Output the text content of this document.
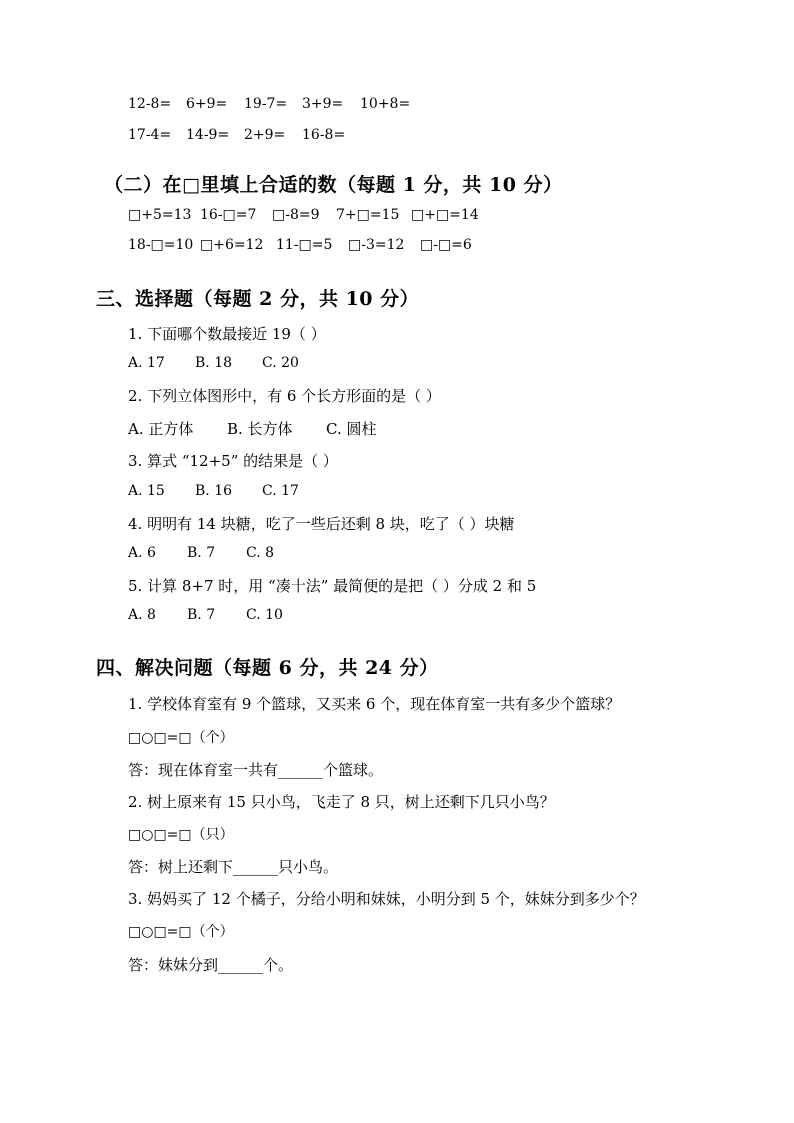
12-8=	6+9=	19-7=	3+9=	10+8=
17-4=	14-9=	2+9=	16-8=
（二）在□里填上合适的数（每题 1 分，共 10 分）
□+5=13 16-□=7	□-8=9	7+□=15 □+□=14
18-□=10 □+6=12 11-□=5	□-3=12	□-□=6
三、选择题（每题 2 分，共 10 分）
1. 下面哪个数最接近 19（ ）
A. 17	B. 18	C. 20
2. 下列立体图形中，有 6 个长方形面的是（ ）
A. 正方体	B. 长方体	C. 圆柱
3. 算式 “12+5” 的结果是（ ）
A. 15	B. 16	C. 17
4. 明明有 14 块糖，吃了一些后还剩 8 块，吃了（ ）块糖
A. 6	B. 7	C. 8
5. 计算 8+7 时，用 “凑十法” 最简便的是把（ ）分成 2 和 5
A. 8	B. 7	C. 10
四、解决问题（每题 6 分，共 24 分）
1. 学校体育室有 9 个篮球，又买来 6 个，现在体育室一共有多少个篮球？
□○□=□（个）
答：现在体育室一共有______个篮球。
2. 树上原来有 15 只小鸟，飞走了 8 只，树上还剩下几只小鸟？
□○□=□（只）
答：树上还剩下______只小鸟。
3. 妈妈买了 12 个橘子，分给小明和妹妹，小明分到 5 个，妹妹分到多少个？
□○□=□（个）
答：妹妹分到______个。
